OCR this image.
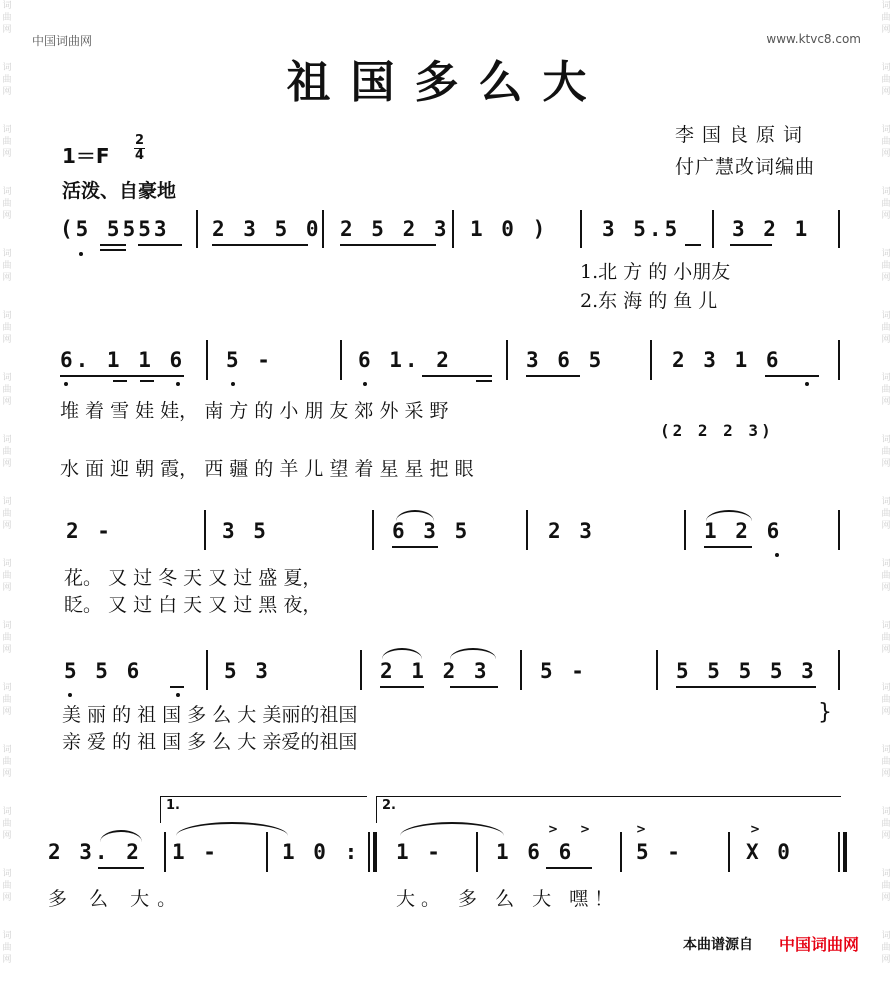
词
曲
网
词
曲
网
词
曲
网
词
曲
网
词
曲
网
词
曲
网
词
曲
网
词
曲
网
词
曲
网
词
曲
网
词
曲
网
词
曲
网
词
曲
网
词
曲
网
词
曲
网
词
曲
网
词
曲
网
词
曲
网
词
曲
网
词
曲
网
词
曲
网
词
曲
网
词
曲
网
词
曲
网
词
曲
网
词
曲
网
词
曲
网
词
曲
网
词
曲
网
词
曲
网
词
曲
网
词
曲
网
中国词曲网	www.ktvc8.com
祖国多么大
1＝F
2
4
活泼、自豪地
李国良原词
付广慧改词编曲
(5 5553 2 3 5 0 2 5 2 3 1 0 )	3 5.5 3 2 1
1.北 方 的 小朋友
2.东 海 的 鱼 儿
6. 1 1 6 5 -	6 1. 2	3 6 5	2 3 1 6
堆 着 雪 娃 娃， 南 方 的 小 朋 友 郊 外 采 野
(2 2 2 3)
水 面 迎 朝 霞， 西 疆 的 羊 儿 望 着 星 星 把 眼
2 -	3 5	6 3 5	2 3	1 2 6
花。 又 过 冬 天 又 过 盛 夏，
眨。 又 过 白 天 又 过 黑 夜，
5 5 6	5 3	2 1 2 3 5 -	5 5 5 5 3
美 丽 的 祖 国 多 么 大 美丽的祖国
亲 爱 的 祖 国 多 么 大 亲爱的祖国
}
1.	2.
2 3. 2 1 -	1 0 : 1 -	1 6 6	5 -	X 0
> >	>	>
多 么 大。	大。 多 么 大 嘿！
本曲谱源自 中国词曲网
